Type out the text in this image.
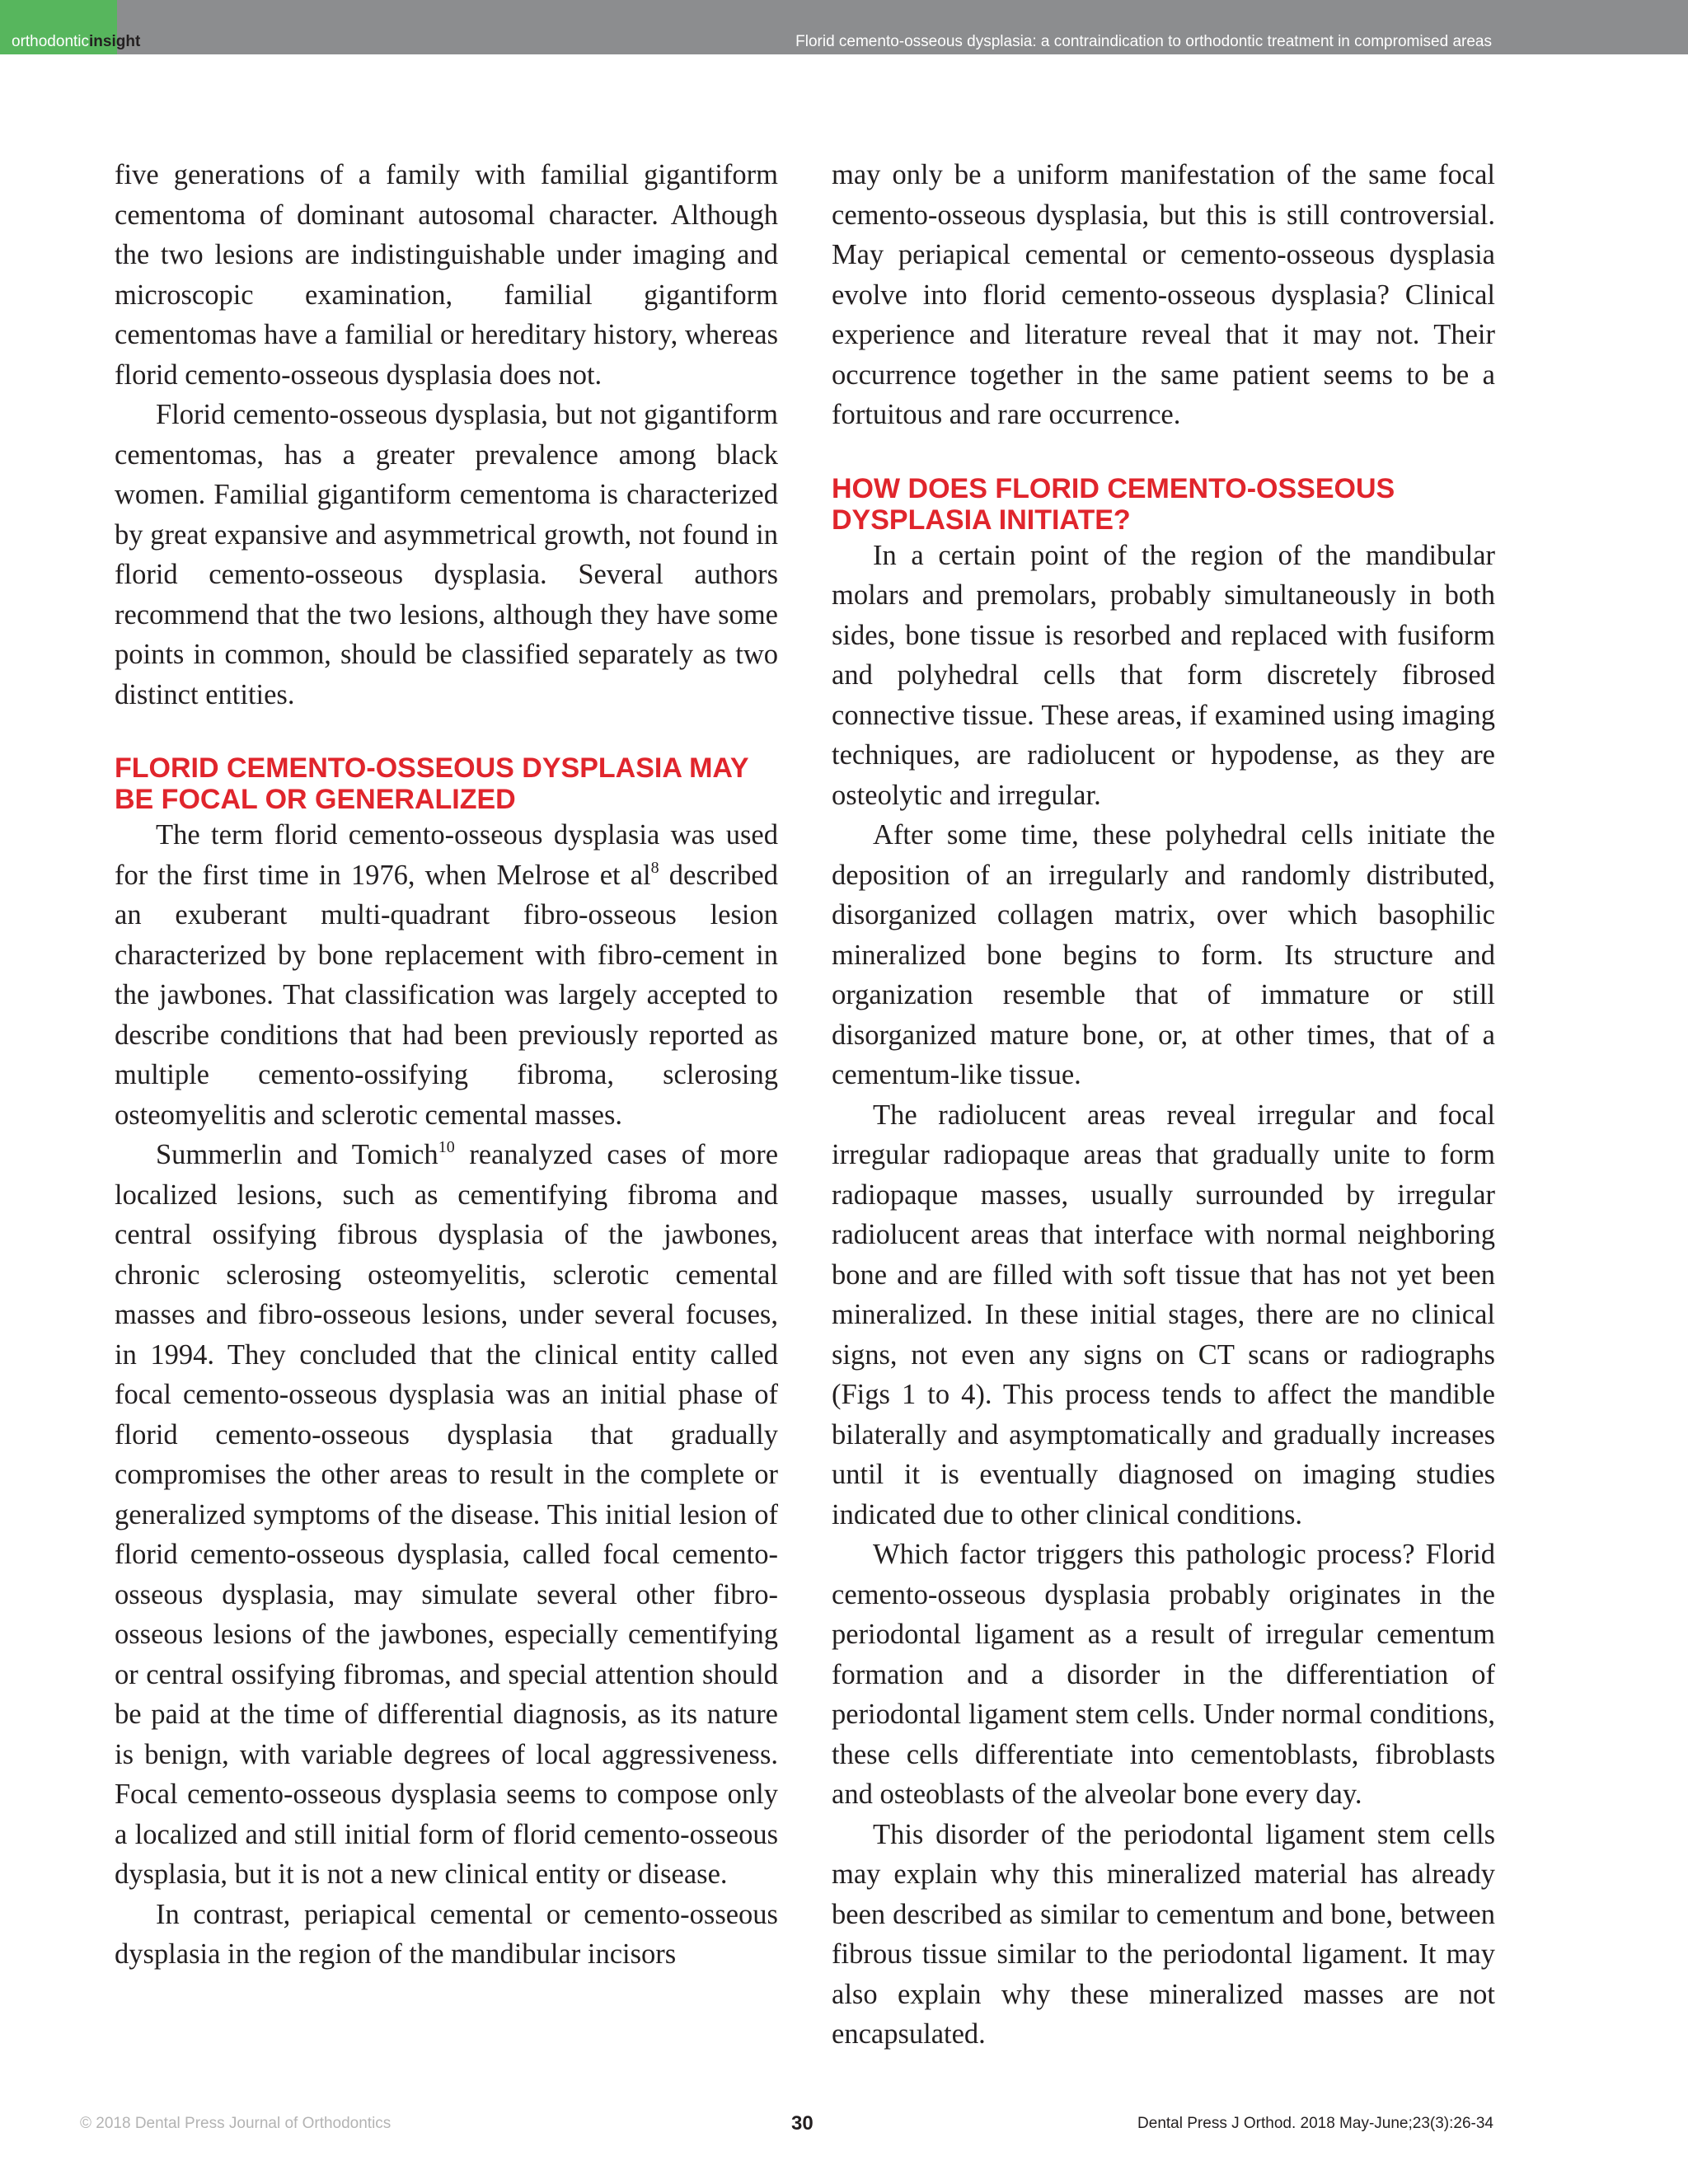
orthodonticinsight	Florid cemento-osseous dysplasia: a contraindication to orthodontic treatment in compromised areas

five generations of a family with familial gigantiform cementoma of dominant autosomal character. Although the two lesions are indistinguishable under imaging and microscopic examination, familial gigantiform cementomas have a familial or hereditary history, whereas florid cemento-osseous dysplasia does not.

Florid cemento-osseous dysplasia, but not gigantiform cementomas, has a greater prevalence among black women. Familial gigantiform cementoma is characterized by great expansive and asymmetrical growth, not found in florid cemento-osseous dysplasia. Several authors recommend that the two lesions, although they have some points in common, should be classified separately as two distinct entities.

FLORID CEMENTO-OSSEOUS DYSPLASIA MAY
BE FOCAL OR GENERALIZED

The term florid cemento-osseous dysplasia was used for the first time in 1976, when Melrose et $al^8$ described an exuberant multi-quadrant fibro-osseous lesion characterized by bone replacement with fibro-cement in the jawbones. That classification was largely accepted to describe conditions that had been previously reported as multiple cemento-ossifying fibroma, sclerosing osteomyelitis and sclerotic cemental masses.

Summerlin and Tomich$^{10}$ reanalyzed cases of more localized lesions, such as cementifying fibroma and central ossifying fibrous dysplasia of the jawbones, chronic sclerosing osteomyelitis, sclerotic cemental masses and fibro-osseous lesions, under several focuses, in 1994. They concluded that the clinical entity called focal cemento-osseous dysplasia was an initial phase of florid cemento-osseous dysplasia that gradually compromises the other areas to result in the complete or generalized symptoms of the disease. This initial lesion of florid cemento-osseous dysplasia, called focal cemento-osseous dysplasia, may simulate several other fibro-osseous lesions of the jawbones, especially cementifying or central ossifying fibromas, and special attention should be paid at the time of differential diagnosis, as its nature is benign, with variable degrees of local aggressiveness. Focal cemento-osseous dysplasia seems to compose only a localized and still initial form of florid cemento-osseous dysplasia, but it is not a new clinical entity or disease.

In contrast, periapical cemental or cemento-osseous dysplasia in the region of the mandibular incisors

may only be a uniform manifestation of the same focal cemento-osseous dysplasia, but this is still controversial. May periapical cemental or cemento-osseous dysplasia evolve into florid cemento-osseous dysplasia? Clinical experience and literature reveal that it may not. Their occurrence together in the same patient seems to be a fortuitous and rare occurrence.

HOW DOES FLORID CEMENTO-OSSEOUS
DYSPLASIA INITIATE?

In a certain point of the region of the mandibular molars and premolars, probably simultaneously in both sides, bone tissue is resorbed and replaced with fusiform and polyhedral cells that form discretely fibrosed connective tissue. These areas, if examined using imaging techniques, are radiolucent or hypodense, as they are osteolytic and irregular.

After some time, these polyhedral cells initiate the deposition of an irregularly and randomly distributed, disorganized collagen matrix, over which basophilic mineralized bone begins to form. Its structure and organization resemble that of immature or still disorganized mature bone, or, at other times, that of a cementum-like tissue.

The radiolucent areas reveal irregular and focal irregular radiopaque areas that gradually unite to form radiopaque masses, usually surrounded by irregular radiolucent areas that interface with normal neighboring bone and are filled with soft tissue that has not yet been mineralized. In these initial stages, there are no clinical signs, not even any signs on CT scans or radiographs (Figs 1 to 4). This process tends to affect the mandible bilaterally and asymptomatically and gradually increases until it is eventually diagnosed on imaging studies indicated due to other clinical conditions.

Which factor triggers this pathologic process? Florid cemento-osseous dysplasia probably originates in the periodontal ligament as a result of irregular cementum formation and a disorder in the differentiation of periodontal ligament stem cells. Under normal conditions, these cells differentiate into cementoblasts, fibroblasts and osteoblasts of the alveolar bone every day.

This disorder of the periodontal ligament stem cells may explain why this mineralized material has already been described as similar to cementum and bone, between fibrous tissue similar to the periodontal ligament. It may also explain why these mineralized masses are not encapsulated.

© 2018 Dental Press Journal of Orthodontics	30	Dental Press J Orthod. 2018 May-June;23(3):26-34
